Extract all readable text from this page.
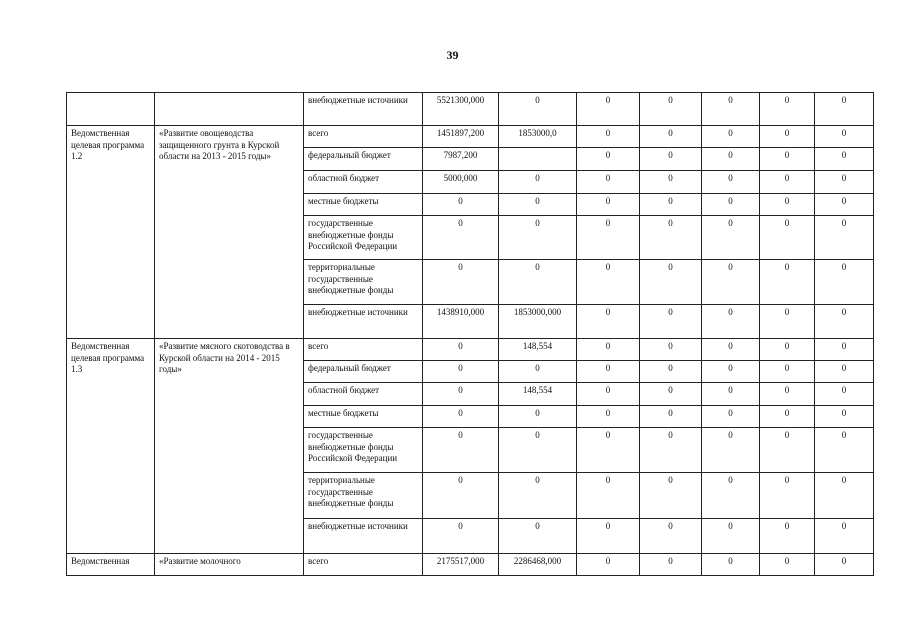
39
		внебюджетные источники	5521300,000	0	0	0	0	0	0
Ведомственная целевая программа 1.2	«Развитие овощеводства защищенного грунта в Курской области на 2013 - 2015 годы»	всего	1451897,200	1853000,0	0	0	0	0	0
		федеральный бюджет	7987,200		0	0	0	0	0
		областной бюджет	5000,000	0	0	0	0	0	0
		местные бюджеты	0	0	0	0	0	0	0
		государственные внебюджетные фонды Российской Федерации	0	0	0	0	0	0	0
		территориальные государственные внебюджетные фонды	0	0	0	0	0	0	0
		внебюджетные источники	1438910,000	1853000,000	0	0	0	0	0
Ведомственная целевая программа 1.3	«Развитие мясного скотоводства в Курской области на 2014 - 2015 годы»	всего	0	148,554	0	0	0	0	0
		федеральный бюджет	0	0	0	0	0	0	0
		областной бюджет	0	148,554	0	0	0	0	0
		местные бюджеты	0	0	0	0	0	0	0
		государственные внебюджетные фонды Российской Федерации	0	0	0	0	0	0	0
		территориальные государственные внебюджетные фонды	0	0	0	0	0	0	0
		внебюджетные источники	0	0	0	0	0	0	0
Ведомственная	«Развитие молочного	всего	2175517,000	2286468,000	0	0	0	0	0
